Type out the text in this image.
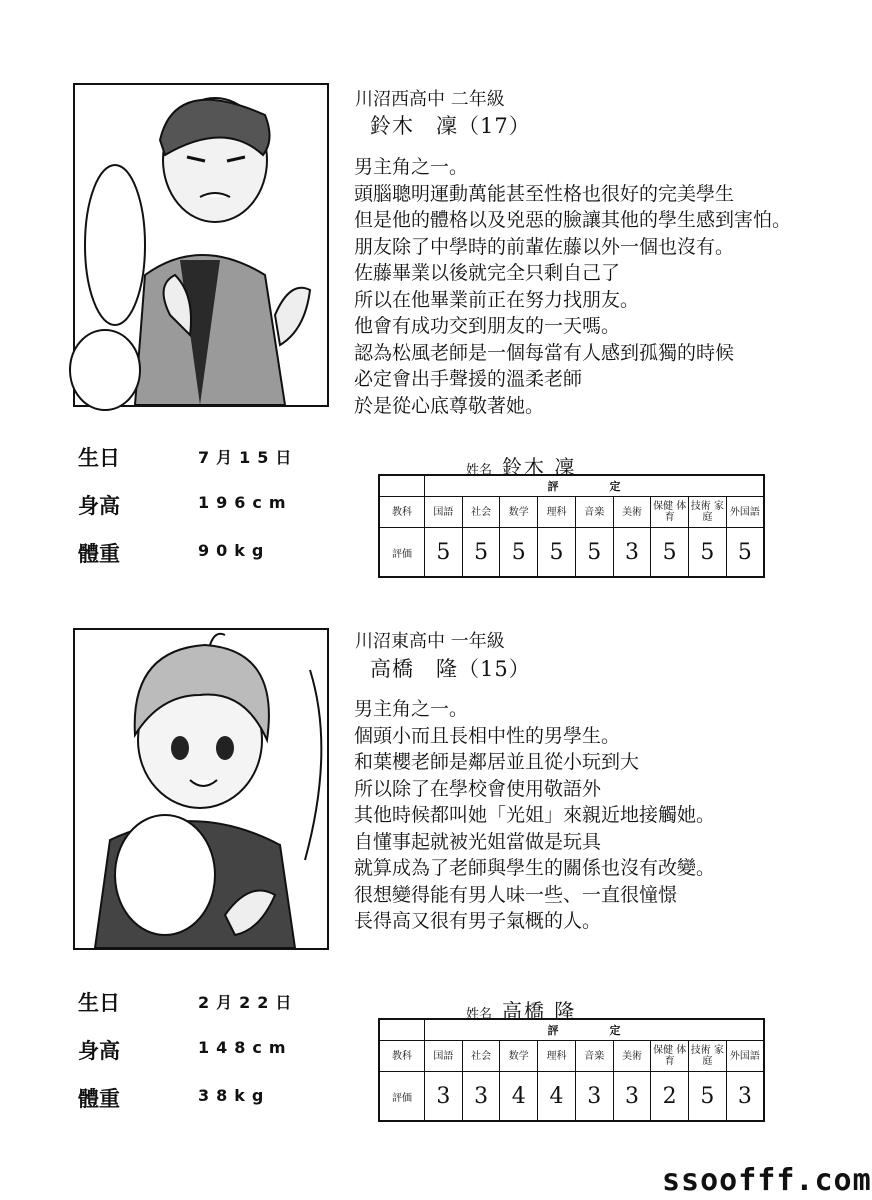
川沼西高中 二年級
鈴木　凜（17）
男主角之一。
頭腦聰明運動萬能甚至性格也很好的完美學生
但是他的體格以及兇惡的臉讓其他的學生感到害怕。
朋友除了中學時的前輩佐藤以外一個也沒有。
佐藤畢業以後就完全只剩自己了
所以在他畢業前正在努力找朋友。
他會有成功交到朋友的一天嗎。
認為松風老師是一個每當有人感到孤獨的時候
必定會出手聲援的溫柔老師
於是從心底尊敬著她。
生日	7月15日
身高	196cm
體重	90kg
姓名 鈴木 凜
	評　定								
教科	国語	社会	数学	理科	音楽	美術	保健 体育	技術 家庭	外国語
評価	5	5	5	5	5	3	5	5	5
川沼東高中 一年級
高橋　隆（15）
男主角之一。
個頭小而且長相中性的男學生。
和葉櫻老師是鄰居並且從小玩到大
所以除了在學校會使用敬語外
其他時候都叫她「光姐」來親近地接觸她。
自懂事起就被光姐當做是玩具
就算成為了老師與學生的關係也沒有改變。
很想變得能有男人味一些、一直很憧憬
長得高又很有男子氣概的人。
生日	2月22日
身高	148cm
體重	38kg
姓名 高橋 隆
	評　定								
教科	国語	社会	数学	理科	音楽	美術	保健 体育	技術 家庭	外国語
評価	3	3	4	4	3	3	2	5	3
ssoofff.com
